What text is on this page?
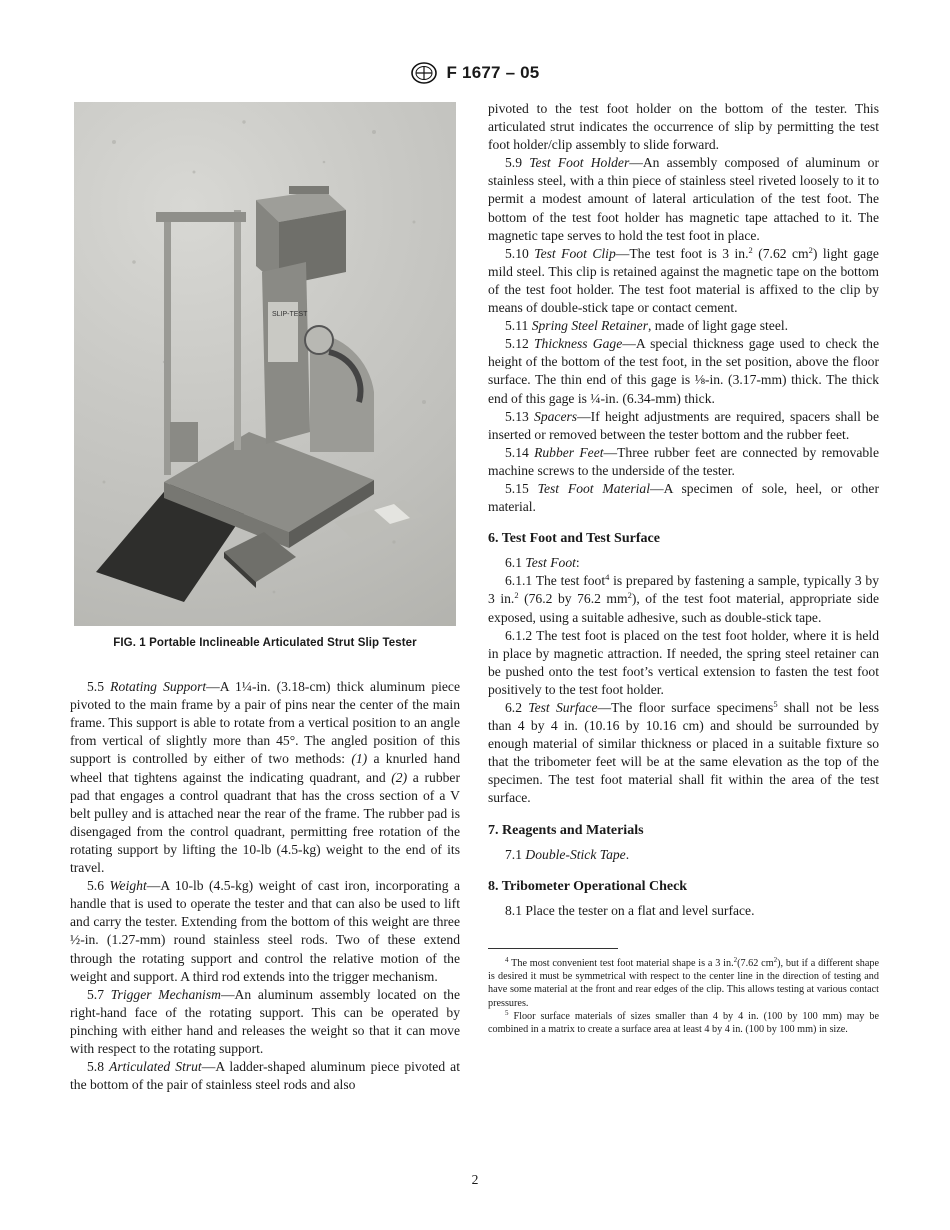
F 1677 – 05
SLIP-TEST
FIG. 1 Portable Inclineable Articulated Strut Slip Tester

5.5 Rotating Support—A 1¼-in. (3.18-cm) thick aluminum piece pivoted to the main frame by a pair of pins near the center of the main frame. This support is able to rotate from a vertical position to an angle from vertical of slightly more than 45°. The angled position of this support is controlled by either of two methods: (1) a knurled hand wheel that tightens against the indicating quadrant, and (2) a rubber pad that engages a control quadrant that has the cross section of a V belt pulley and is attached near the rear of the frame. The rubber pad is disengaged from the control quadrant, permitting free rotation of the rotating support by lifting the 10-lb (4.5-kg) weight to the end of its travel.

5.6 Weight—A 10-lb (4.5-kg) weight of cast iron, incorporating a handle that is used to operate the tester and that can also be used to lift and carry the tester. Extending from the bottom of this weight are three ½-in. (1.27-mm) round stainless steel rods. Two of these extend through the rotating support and control the relative motion of the weight and support. A third rod extends into the trigger mechanism.

5.7 Trigger Mechanism—An aluminum assembly located on the right-hand face of the rotating support. This can be operated by pinching with either hand and releases the weight so that it can move with respect to the rotating support.

5.8 Articulated Strut—A ladder-shaped aluminum piece pivoted at the bottom of the pair of stainless steel rods and also

pivoted to the test foot holder on the bottom of the tester. This articulated strut indicates the occurrence of slip by permitting the test foot holder/clip assembly to slide forward.

5.9 Test Foot Holder—An assembly composed of aluminum or stainless steel, with a thin piece of stainless steel riveted loosely to it to permit a modest amount of lateral articulation of the test foot. The bottom of the test foot holder has magnetic tape attached to it. The magnetic tape serves to hold the test foot in place.

5.10 Test Foot Clip—The test foot is 3 in.$^2$ (7.62 $cm^2$) light gage mild steel. This clip is retained against the magnetic tape on the bottom of the test foot holder. The test foot material is affixed to the clip by means of double-stick tape or contact cement.

5.11 Spring Steel Retainer, made of light gage steel.

5.12 Thickness Gage—A special thickness gage used to check the height of the bottom of the test foot, in the set position, above the floor surface. The thin end of this gage is ⅛-in. (3.17-mm) thick. The thick end of this gage is ¼-in. (6.34-mm) thick.

5.13 Spacers—If height adjustments are required, spacers shall be inserted or removed between the tester bottom and the rubber feet.

5.14 Rubber Feet—Three rubber feet are connected by removable machine screws to the underside of the tester.

5.15 Test Foot Material—A specimen of sole, heel, or other material.

6. Test Foot and Test Surface

6.1 Test Foot:

6.1.1 The test foot$^4$ is prepared by fastening a sample, typically 3 by 3 in.$^2$ (76.2 by 76.2 $mm^2$), of the test foot material, appropriate side exposed, using a suitable adhesive, such as double-stick tape.

6.1.2 The test foot is placed on the test foot holder, where it is held in place by magnetic attraction. If needed, the spring steel retainer can be pushed onto the test foot’s vertical extension to fasten the test foot positively to the test foot holder.

6.2 Test Surface—The floor surface specimens$^5$ shall not be less than 4 by 4 in. (10.16 by 10.16 cm) and should be surrounded by enough material of similar thickness or placed in a suitable fixture so that the tribometer feet will be at the same elevation as the top of the specimen. The test foot material shall fit within the area of the test surface.

7. Reagents and Materials

7.1 Double-Stick Tape.

8. Tribometer Operational Check

8.1 Place the tester on a flat and level surface.

$^4$ The most convenient test foot material shape is a 3 in.$^2$(7.62 $cm^2$), but if a different shape is desired it must be symmetrical with respect to the center line in the direction of testing and have some material at the front and rear edges of the clip. This allows testing at various contact pressures.

$^5$ Floor surface materials of sizes smaller than 4 by 4 in. (100 by 100 mm) may be combined in a matrix to create a surface area at least 4 by 4 in. (100 by 100 mm) in size.

2
